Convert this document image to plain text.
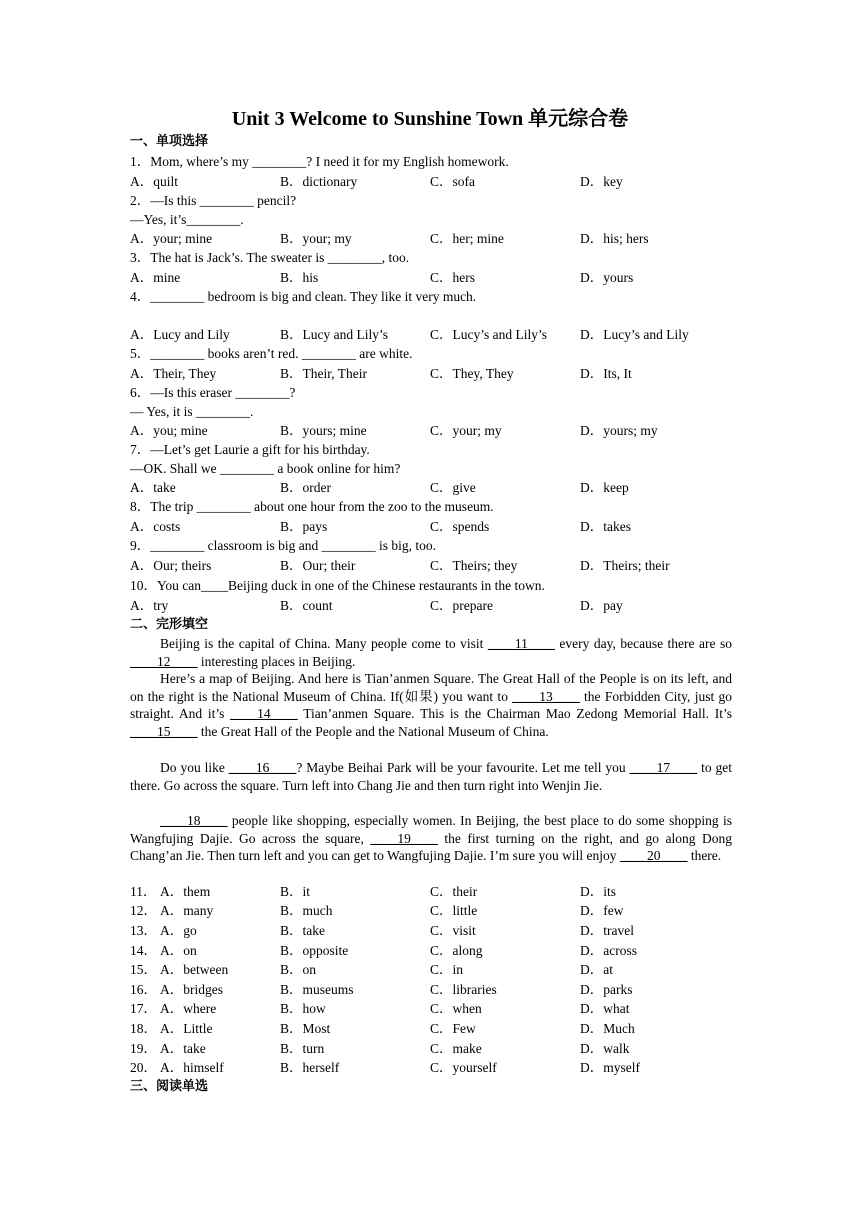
Unit 3 Welcome to Sunshine Town 单元综合卷
一、单项选择
1．Mom, where’s my ________? I need it for my English homework.
A．quilt	B．dictionary	C．sofa	D．key
2．—Is this ________ pencil?
—Yes, it’s________.
A．your; mine	B．your; my	C．her; mine	D．his; hers
3．The hat is Jack’s. The sweater is ________, too.
A．mine	B．his	C．hers	D．yours
4．________ bedroom is big and clean. They like it very much.
A．Lucy and Lily	B．Lucy and Lily’s	C．Lucy’s and Lily’s D．Lucy’s and Lily
5．________ books aren’t red. ________ are white.
A．Their, They	B．Their, Their	C．They, They	D．Its, It
6．—Is this eraser ________?
— Yes, it is ________.
A．you; mine	B．yours; mine	C．your; my	D．yours; my
7．—Let’s get Laurie a gift for his birthday.
—OK. Shall we ________ a book online for him?
A．take	B．order	C．give	D．keep
8．The trip ________ about one hour from the zoo to the museum.
A．costs	B．pays	C．spends	D．takes
9．________ classroom is big and ________ is big, too.
A．Our; theirs	B．Our; their	C．Theirs; they	D．Theirs; their
10．You can____Beijing duck in one of the Chinese restaurants in the town.
A．try	B．count	C．prepare	D．pay
二、完形填空
Beijing is the capital of China. Many people come to visit ____11____ every day, because there are so ____12____ interesting places in Beijing.
Here’s a map of Beijing. And here is Tian’anmen Square. The Great Hall of the People is on its left, and on the right is the National Museum of China. If(如果) you want to ____13____ the Forbidden City, just go straight. And it’s ____14____ Tian’anmen Square. This is the Chairman Mao Zedong Memorial Hall. It’s ____15____ the Great Hall of the People and the National Museum of China.
Do you like ____16____? Maybe Beihai Park will be your favourite. Let me tell you ____17____ to get there. Go across the square. Turn left into Chang Jie and then turn right into Wenjin Jie.
____18____ people like shopping, especially women. In Beijing, the best place to do some shopping is Wangfujing Dajie. Go across the square, ____19____ the first turning on the right, and go along Dong Chang’an Jie. Then turn left and you can get to Wangfujing Dajie. I’m sure you will enjoy ____20____ there.
11． A．them	B．it	C．their	D．its
12． A．many	B．much	C．little	D．few
13． A．go	B．take	C．visit	D．travel
14． A．on	B．opposite	C．along	D．across
15． A．between	B．on	C．in	D．at
16． A．bridges	B．museums	C．libraries	D．parks
17． A．where	B．how	C．when	D．what
18． A．Little	B．Most	C．Few	D．Much
19． A．take	B．turn	C．make	D．walk
20． A．himself	B．herself	C．yourself	D．myself
三、阅读单选
